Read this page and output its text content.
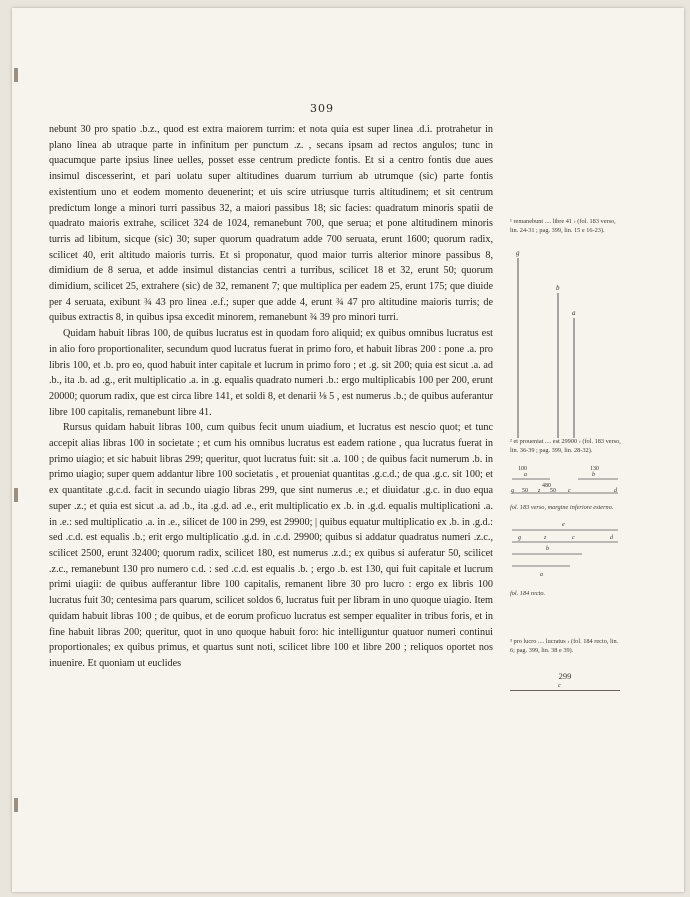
309

nebunt 30 pro spatio .b.z., quod est extra maiorem turrim: et nota quia est super linea .d.i. protrahetur in plano linea ab utraque parte in infinitum per punctum .z. , secans ipsam ad rectos angulos; tunc in quacumque parte ipsius linee uelles, posset esse centrum predicte fontis. Et si a centro fontis due aues insimul discesserint, et pari uolatu super altitudines duarum turrium ab utrumque (sic) parte fontis existentium uno et eodem momento deuenerint; et uis scire utriusque turris altitudinem; et sit centrum predictum longe a minori turri passibus 32, a maiori passibus 18; sic facies: quadratum minoris spatii de quadrato maioris extrahe, scilicet 324 de 1024, remanebunt 700, que serua; et pone altitudinem minoris turris ad libitum, sicque (sic) 30; super quorum quadratum adde 700 seruata, erunt 1600; quorum radix, scilicet 40, erit altitudo maioris turris. Et si proponatur, quod maior turris alterior minore passibus 8, dimidium de 8 serua, et adde insimul distancias centri a turribus, scilicet 18 et 32, erunt 50; quorum dimidium, scilicet 25, extrahere (sic) de 32, remanent 7; que multiplica per eadem 25, erunt 175; que diuide per 4 seruata, exibunt ¾ 43 pro linea .e.f.; super que adde 4, erunt ¾ 47 pro altitudine maioris turris; de quibus extractis 8, in quibus ipsa excedit minorem, remanebunt ¾ 39 pro minori turri.

Quidam habuit libras 100, de quibus lucratus est in quodam foro aliquid; ex quibus omnibus lucratus est in alio foro proportionaliter, secundum quod lucratus fuerat in primo foro, et habuit libras 200 : pone .a. pro libris 100, et .b. pro eo, quod habuit inter capitale et lucrum in primo foro ; et .g. sit 200; quia est sicut .a. ad .b., ita .b. ad .g., erit multiplicatio .a. in .g. equalis quadrato numeri .b.: ergo multiplicabis 100 per 200, erunt 20000; quorum radix, que est circa libre 141, et soldi 8, et denarii ⅛ 5 , est numerus .b.; de quibus auferantur libre 100 capitalis, remanebunt libre 41.

Rursus quidam habuit libras 100, cum quibus fecit unum uiadium, et lucratus est nescio quot; et tunc accepit alias libras 100 in societate ; et cum his omnibus lucratus est eadem ratione , qua lucratus fuerat in primo uiagio; et sic habuit libras 299; queritur, quot lucratus fuit: sit .a. 100 ; de quibus facit numerum .b. in primo uiagio; super quem addantur libre 100 societatis , et proueniat quantitas .g.c.d.; de qua .g.c. sit 100; et ex quantitate .g.c.d. facit in secundo uiagio libras 299, que sint numerus .e.; et diuidatur .g.c. in duo equa super .z.; et quia est sicut .a. ad .b., ita .g.d. ad .e., erit multiplicatio ex .b. in .g.d. equalis multiplicationi .a. in .e.: sed multiplicatio .a. in .e., silicet de 100 in 299, est 29900; | quibus equatur multiplicatio ex .b. in .g.d.: sed .c.d. est equalis .b.; erit ergo multiplicatio .g.d. in .c.d. 29900; quibus si addatur quadratus numeri .z.c., scilicet 2500, erunt 32400; quorum radix, scilicet 180, est numerus .z.d.; ex quibus si auferatur 50, scilicet .z.c., remanebunt 130 pro numero c.d. : sed .c.d. est equalis .b. ; ergo .b. est 130, qui fuit capitale et lucrum primi uiagii: de quibus aufferantur libre 100 capitalis, remanent libre 30 pro lucro : ergo ex libris 100 lucratus fuit 30; centesima pars quarum, scilicet soldos 6, lucratus fuit per libram in uno quoque uiagio. Item quidam habuit libras 100 ; de quibus, et de eorum proficuo lucratus est semper equaliter in tribus foris, et in fine habuit libras 200; queritur, quot in uno quoque habuit foro: hic intelliguntur quatuor numeri continui proportionales; ex quibus primus, et quartus sunt noti, scilicet libre 100 et libre 200 ; reliquos oportet nos inuenire. Et quoniam ut euclides

¹ remanebunt .... libre 41 › (fol. 183 verso, lin. 24-31 ; pag. 399, lin. 15 e 16-23).
g
b
a
² et proueniat .... est 29900 › (fol. 183 verso, lin. 36-39 ; pag. 399, lin. 28-32).
100	130
a	b
480
g 50 z 50 c	d
fol. 183 verso, margine inferiore esterno.
e
g	z	c	d
b
a
fol. 184 recto.
³ pro lucro .... lucratus › (fol. 184 recto, lin. 6; pag. 399, lin. 38 e 39).
299
c
